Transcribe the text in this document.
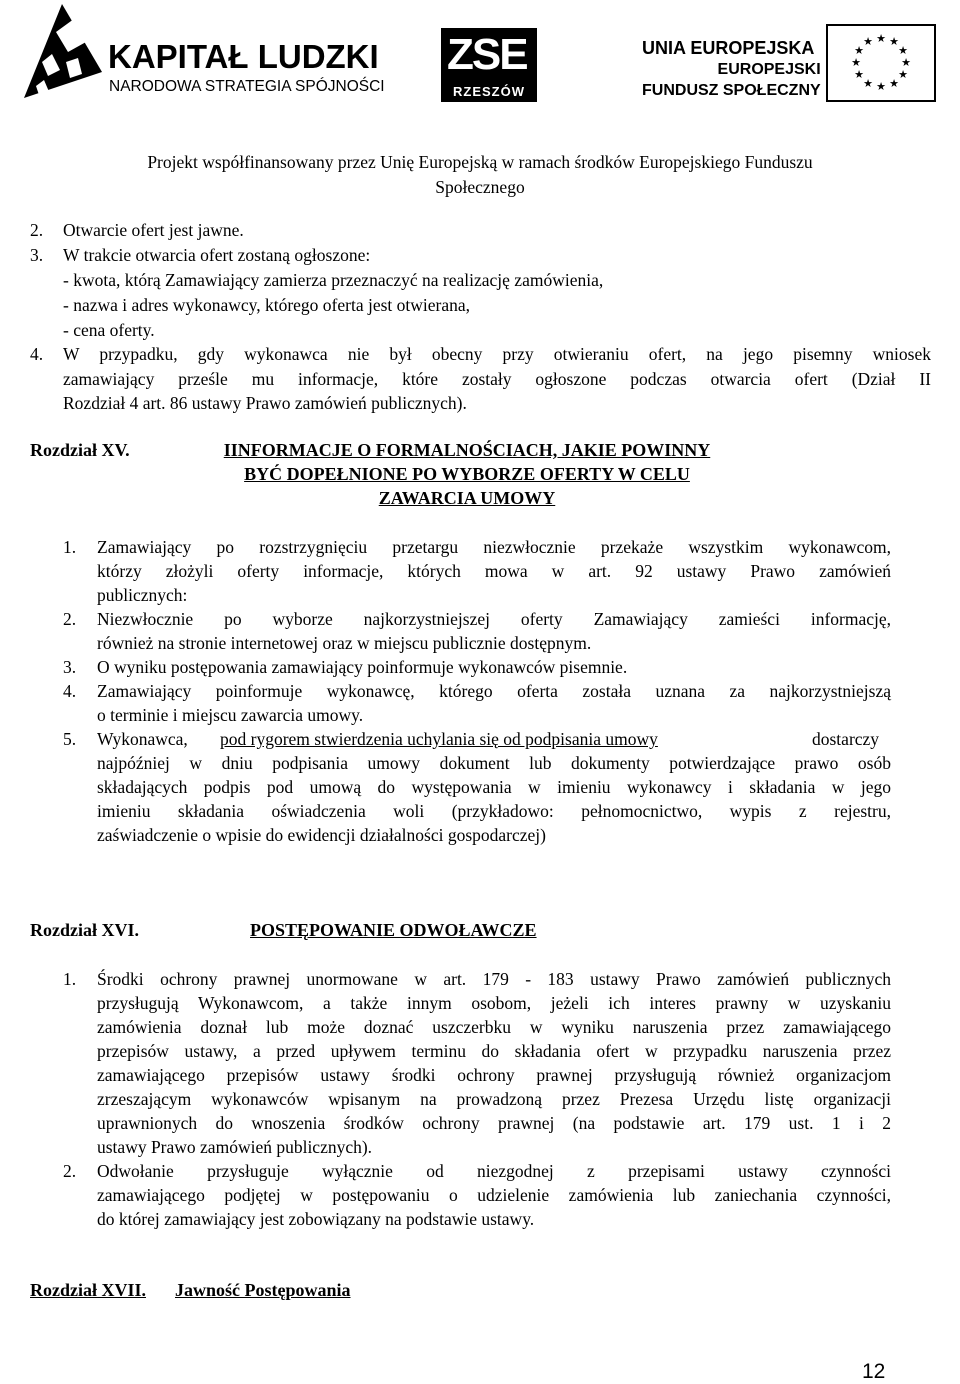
KAPITAŁ LUDZKI
NARODOWA STRATEGIA SPÓJNOŚCI
ZSE
RZESZÓW
UNIA EUROPEJSKA
EUROPEJSKI
FUNDUSZ SPOŁECZNY
★ ★
★
★
★
★
★
★
★
★
★
★
Projekt współfinansowany przez Unię Europejską w ramach środków Europejskiego Funduszu
Społecznego
2. Otwarcie ofert jest jawne.
3. W trakcie otwarcia ofert zostaną ogłoszone:
- kwota, którą Zamawiający zamierza przeznaczyć na realizację zamówienia,
- nazwa i adres wykonawcy, którego oferta jest otwierana,
- cena oferty.
4. W przypadku, gdy wykonawca nie był obecny przy otwieraniu ofert, na jego pisemny wniosek
zamawiający prześle mu informacje, które zostały ogłoszone podczas otwarcia ofert (Dział II
Rozdział 4 art. 86 ustawy Prawo zamówień publicznych).
Rozdział XV.	IINFORMACJE O FORMALNOŚCIACH, JAKIE POWINNY
BYĆ DOPEŁNIONE PO WYBORZE OFERTY W CELU
ZAWARCIA UMOWY
1. Zamawiający po rozstrzygnięciu przetargu niezwłocznie przekaże wszystkim wykonawcom,
którzy złożyli oferty informacje, których mowa w art. 92 ustawy Prawo zamówień
publicznych:
2. Niezwłocznie po wyborze najkorzystniejszej oferty Zamawiający zamieści informację,
również na stronie internetowej oraz w miejscu publicznie dostępnym.
3. O wyniku postępowania zamawiający poinformuje wykonawców pisemnie.
4. Zamawiający poinformuje wykonawcę, którego oferta została uznana za najkorzystniejszą
o terminie i miejscu zawarcia umowy.
5. Wykonawca, pod rygorem stwierdzenia uchylania się od podpisania umowy	dostarczy
najpóźniej w dniu podpisania umowy dokument lub dokumenty potwierdzające prawo osób
składających podpis pod umową do występowania w imieniu wykonawcy i składania w jego
imieniu składania oświadczenia woli (przykładowo: pełnomocnictwo, wypis z rejestru,
zaświadczenie o wpisie do ewidencji działalności gospodarczej)
Rozdział XVI.	POSTĘPOWANIE ODWOŁAWCZE
1. Środki ochrony prawnej unormowane w art. 179 - 183 ustawy Prawo zamówień publicznych
przysługują Wykonawcom, a także innym osobom, jeżeli ich interes prawny w uzyskaniu
zamówienia doznał lub może doznać uszczerbku w wyniku naruszenia przez zamawiającego
przepisów ustawy, a przed upływem terminu do składania ofert w przypadku naruszenia przez
zamawiającego przepisów ustawy środki ochrony prawnej przysługują również organizacjom
zrzeszającym wykonawców wpisanym na prowadzoną przez Prezesa Urzędu listę organizacji
uprawnionych do wnoszenia środków ochrony prawnej (na podstawie art. 179 ust. 1 i 2
ustawy Prawo zamówień publicznych).
2. Odwołanie przysługuje wyłącznie od niezgodnej z przepisami ustawy czynności
zamawiającego podjętej w postępowaniu o udzielenie zamówienia lub zaniechania czynności,
do której zamawiający jest zobowiązany na podstawie ustawy.
Rozdział XVII. Jawność Postępowania
12
